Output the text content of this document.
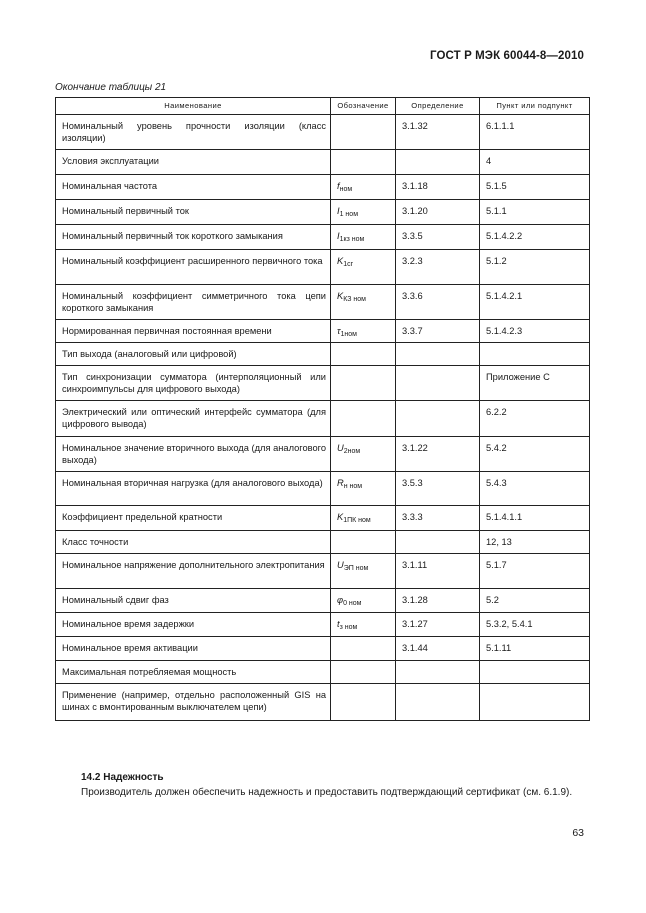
ГОСТ Р МЭК 60044-8—2010
Окончание таблицы 21
Наименование	Обозначение	Определение	Пункт или подпункт
Номинальный уровень прочности изоляции (класс изоляции)		3.1.32	6.1.1.1
Условия эксплуатации			4
Номинальная частота	$f_{ном}$	3.1.18	5.1.5
Номинальный первичный ток	$I_{1 ном}$	3.1.20	5.1.1
Номинальный первичный ток короткого замыкания	$I_{1кз ном}$	3.3.5	5.1.4.2.2
Номинальный коэффициент расширенного первичного тока	$K_{1сг}$	3.2.3	5.1.2
Номинальный коэффициент симметричного тока цепи короткого замыкания	$K_{КЗ ном}$	3.3.6	5.1.4.2.1
Нормированная первичная постоянная времени	$\tau_{1ном}$	3.3.7	5.1.4.2.3
Тип выхода (аналоговый или цифровой)			
Тип синхронизации сумматора (интерполяционный или синхроимпульсы для цифрового выхода)			Приложение С
Электрический или оптический интерфейс сумматора (для цифрового вывода)			6.2.2
Номинальное значение вторичного выхода (для аналогового выхода)	$U_{2ном}$	3.1.22	5.4.2
Номинальная вторичная нагрузка (для аналогового выхода)	$R_{н ном}$	3.5.3	5.4.3
Коэффициент предельной кратности	$K_{1ПК ном}$	3.3.3	5.1.4.1.1
Класс точности			12, 13
Номинальное напряжение дополнительного электропитания	$U_{ЭП ном}$	3.1.11	5.1.7
Номинальный сдвиг фаз	$\varphi_{0 ном}$	3.1.28	5.2
Номинальное время задержки	$t_{з ном}$	3.1.27	5.3.2, 5.4.1
Номинальное время активации		3.1.44	5.1.11
Максимальная потребляемая мощность			
Применение (например, отдельно расположенный GIS на шинах с вмонтированным выключателем цепи)			
14.2 Надежность
Производитель должен обеспечить надежность и предоставить подтверждающий сертификат (см. 6.1.9).
63
